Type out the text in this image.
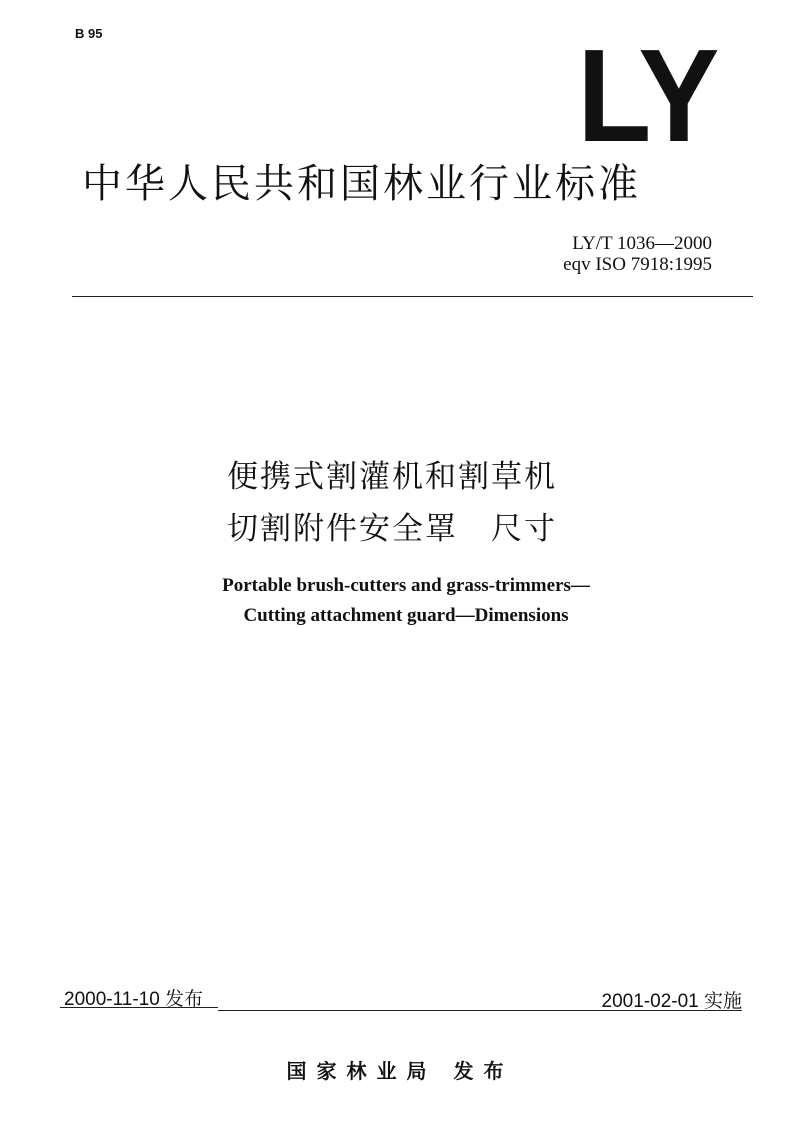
B 95	LY
中华人民共和国林业行业标准
LY/T 1036—2000
eqv ISO 7918:1995
便携式割灌机和割草机
切割附件安全罩　尺寸
Portable brush-cutters and grass-trimmers—
Cutting attachment guard—Dimensions
2000-11-10 发布	2001-02-01 实施
国家林业局 发布
